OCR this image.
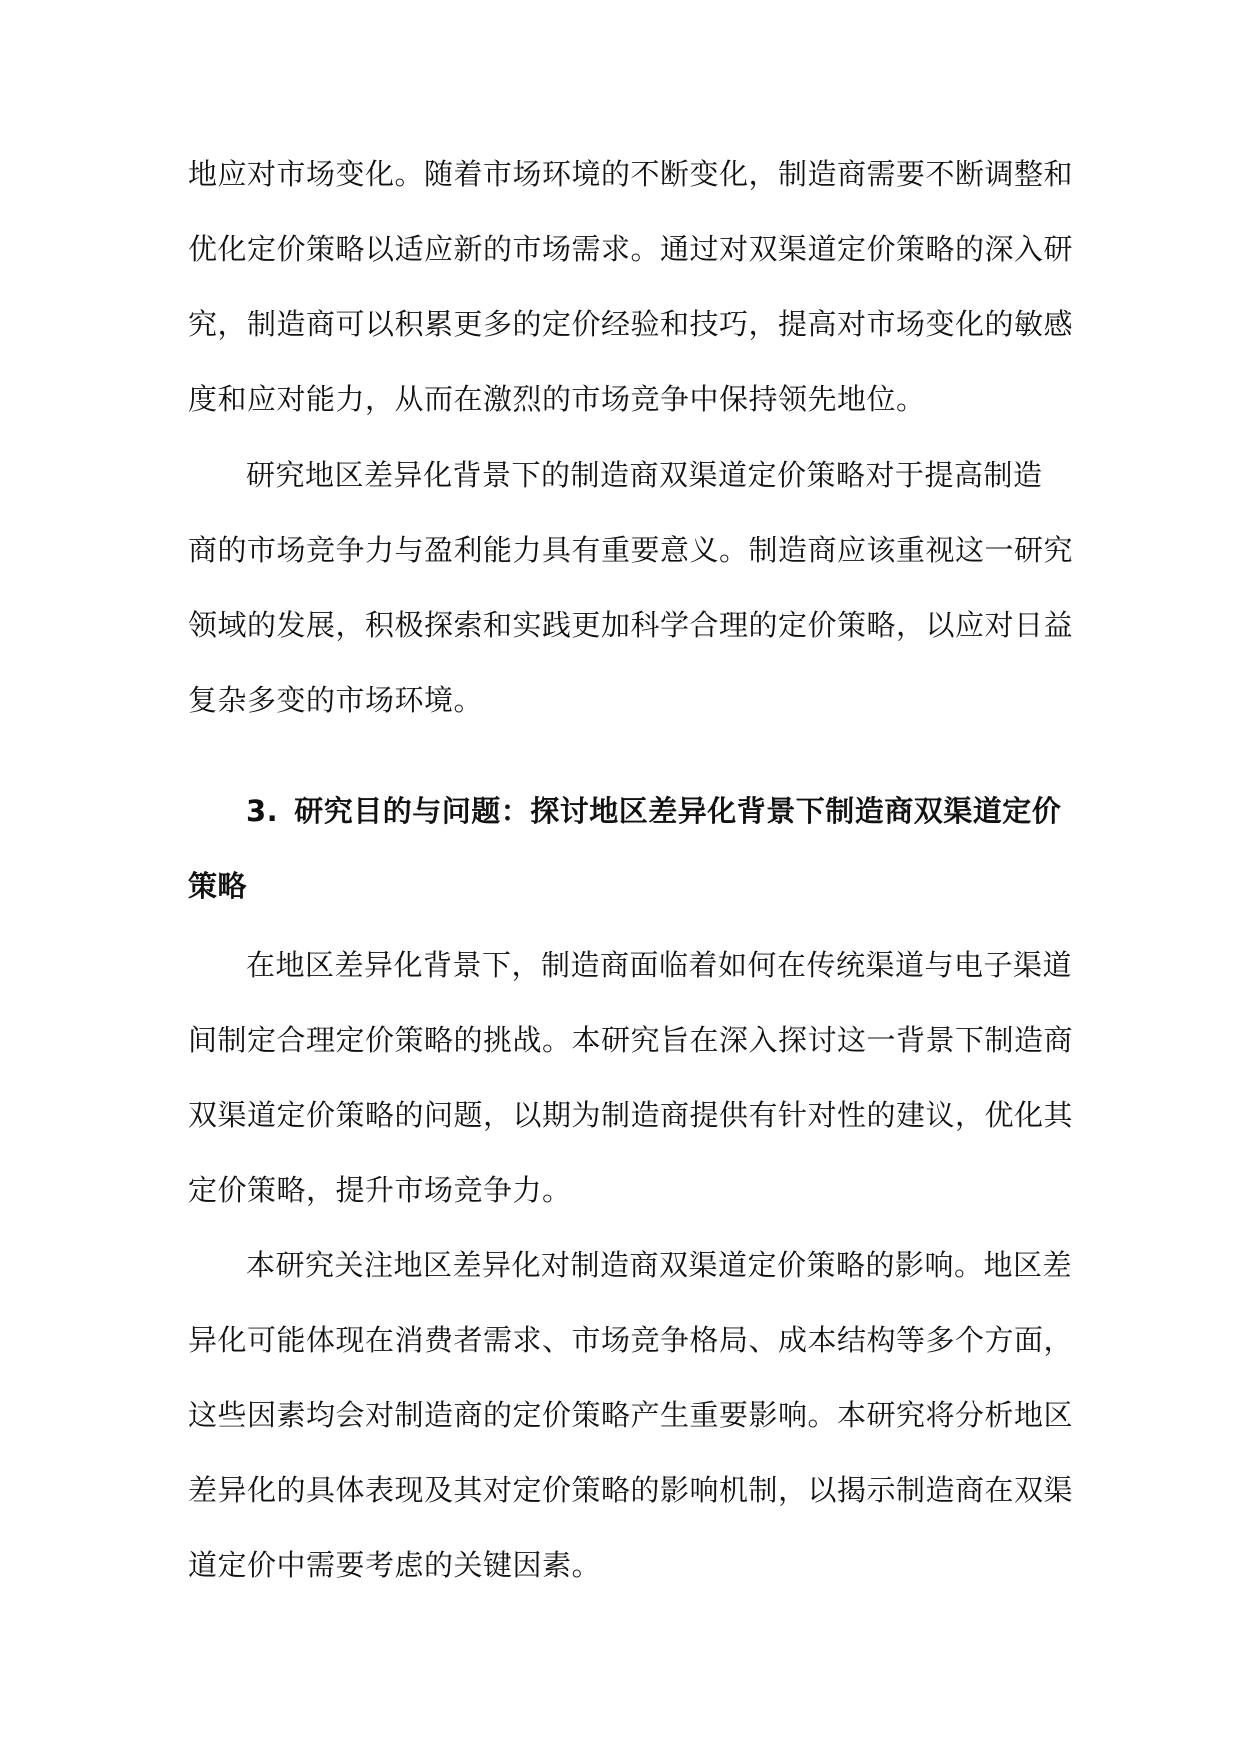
地应对市场变化。随着市场环境的不断变化，制造商需要不断调整和
优化定价策略以适应新的市场需求。通过对双渠道定价策略的深入研
究，制造商可以积累更多的定价经验和技巧，提高对市场变化的敏感
度和应对能力，从而在激烈的市场竞争中保持领先地位。
研究地区差异化背景下的制造商双渠道定价策略对于提高制造
商的市场竞争力与盈利能力具有重要意义。制造商应该重视这一研究
领域的发展，积极探索和实践更加科学合理的定价策略，以应对日益
复杂多变的市场环境。
3. 研究目的与问题：探讨地区差异化背景下制造商双渠道定价
策略
在地区差异化背景下，制造商面临着如何在传统渠道与电子渠道
间制定合理定价策略的挑战。本研究旨在深入探讨这一背景下制造商
双渠道定价策略的问题，以期为制造商提供有针对性的建议，优化其
定价策略，提升市场竞争力。
本研究关注地区差异化对制造商双渠道定价策略的影响。地区差
异化可能体现在消费者需求、市场竞争格局、成本结构等多个方面，
这些因素均会对制造商的定价策略产生重要影响。本研究将分析地区
差异化的具体表现及其对定价策略的影响机制，以揭示制造商在双渠
道定价中需要考虑的关键因素。
